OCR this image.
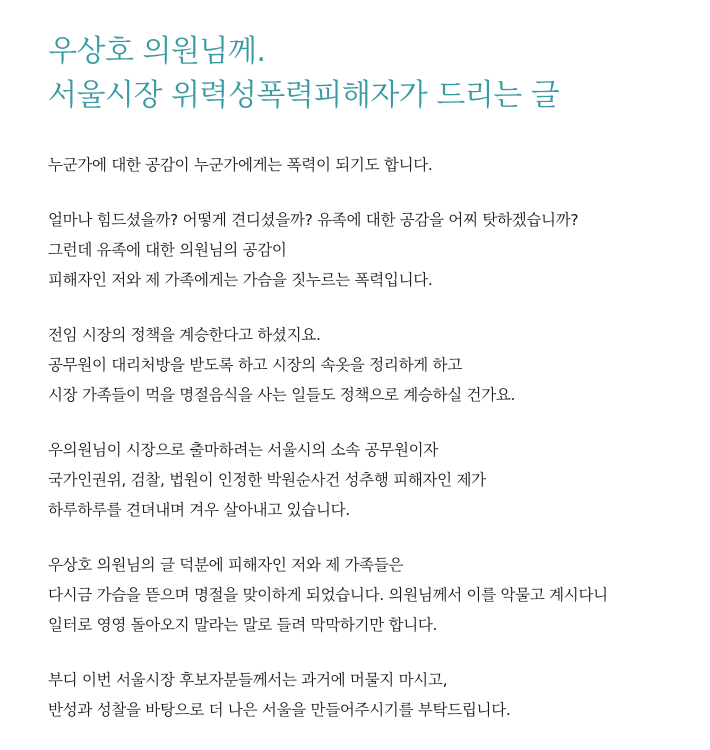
우상호 의원님께.
서울시장 위력성폭력피해자가 드리는 글

누군가에 대한 공감이 누군가에게는 폭력이 되기도 합니다.

얼마나 힘드셨을까? 어떻게 견디셨을까? 유족에 대한 공감을 어찌 탓하겠습니까?
그런데 유족에 대한 의원님의 공감이
피해자인 저와 제 가족에게는 가슴을 짓누르는 폭력입니다.

전임 시장의 정책을 계승한다고 하셨지요.
공무원이 대리처방을 받도록 하고 시장의 속옷을 정리하게 하고
시장 가족들이 먹을 명절음식을 사는 일들도 정책으로 계승하실 건가요.

우의원님이 시장으로 출마하려는 서울시의 소속 공무원이자
국가인권위, 검찰, 법원이 인정한 박원순사건 성추행 피해자인 제가
하루하루를 견뎌내며 겨우 살아내고 있습니다.

우상호 의원님의 글 덕분에 피해자인 저와 제 가족들은
다시금 가슴을 뜯으며 명절을 맞이하게 되었습니다. 의원님께서 이를 악물고 계시다니
일터로 영영 돌아오지 말라는 말로 들려 막막하기만 합니다.

부디 이번 서울시장 후보자분들께서는 과거에 머물지 마시고,
반성과 성찰을 바탕으로 더 나은 서울을 만들어주시기를 부탁드립니다.
